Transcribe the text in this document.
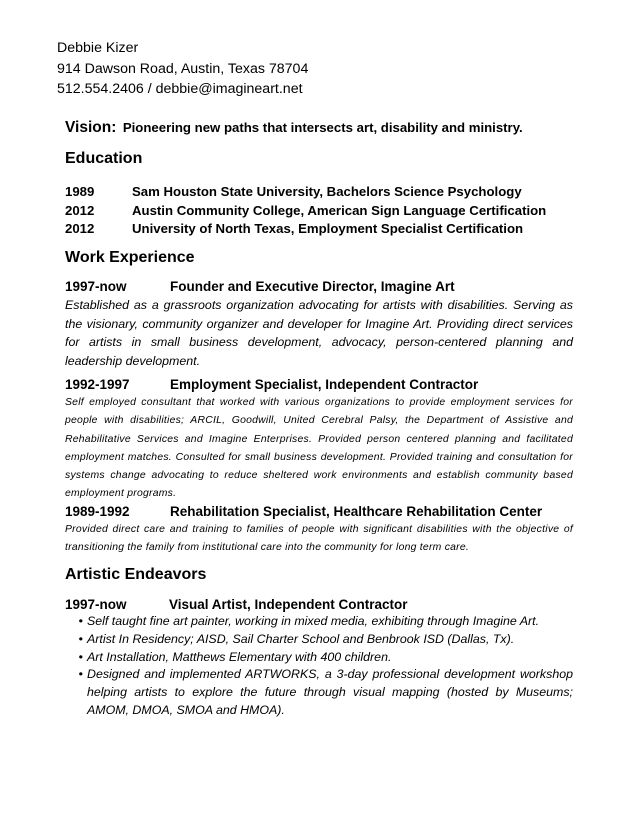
Debbie Kizer
914 Dawson Road, Austin, Texas 78704
512.554.2406 / debbie@imagineart.net
Vision: Pioneering new paths that intersects art, disability and ministry.
Education
1989	Sam Houston State University, Bachelors Science Psychology
2012	Austin Community College, American Sign Language Certification
2012	University of North Texas, Employment Specialist Certification
Work Experience
1997-now	Founder and Executive Director, Imagine Art

Established as a grassroots organization advocating for artists with disabilities. Serving as the visionary, community organizer and developer for Imagine Art. Providing direct services for artists in small business development, advocacy, person-centered planning and leadership development.

1992-1997	Employment Specialist, Independent Contractor

Self employed consultant that worked with various organizations to provide employment services for people with disabilities; ARCIL, Goodwill, United Cerebral Palsy, the Department of Assistive and Rehabilitative Services and Imagine Enterprises. Provided person centered planning and facilitated employment matches. Consulted for small business development. Provided training and consultation for systems change advocating to reduce sheltered work environments and establish community based employment programs.

1989-1992	Rehabilitation Specialist, Healthcare Rehabilitation Center

Provided direct care and training to families of people with significant disabilities with the objective of transitioning the family from institutional care into the community for long term care.

Artistic Endeavors
1997-now	Visual Artist, Independent Contractor
• Self taught fine art painter, working in mixed media, exhibiting through Imagine Art.
• Artist In Residency; AISD, Sail Charter School and Benbrook ISD (Dallas, Tx).
• Art Installation, Matthews Elementary with 400 children.
• Designed and implemented ARTWORKS, a 3-day professional development workshop helping artists to explore the future through visual mapping (hosted by Museums; AMOM, DMOA, SMOA and HMOA).
